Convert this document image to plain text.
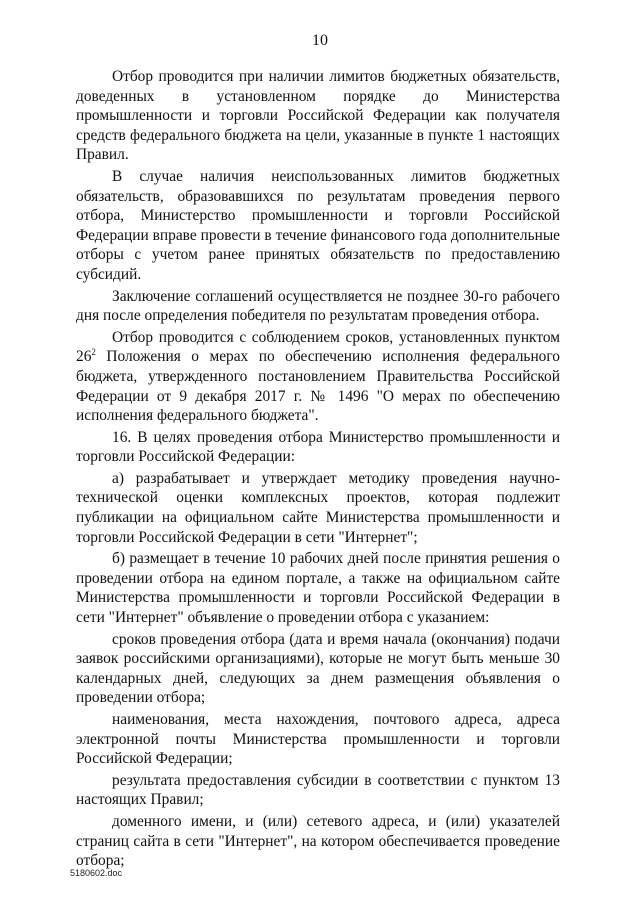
10

Отбор проводится при наличии лимитов бюджетных обязательств, доведенных в установленном порядке до Министерства промышленности и торговли Российской Федерации как получателя средств федерального бюджета на цели, указанные в пункте 1 настоящих Правил.

В случае наличия неиспользованных лимитов бюджетных обязательств, образовавшихся по результатам проведения первого отбора, Министерство промышленности и торговли Российской Федерации вправе провести в течение финансового года дополнительные отборы с учетом ранее принятых обязательств по предоставлению субсидий.

Заключение соглашений осуществляется не позднее 30-го рабочего дня после определения победителя по результатам проведения отбора.

Отбор проводится с соблюдением сроков, установленных пунктом $26^2$ Положения о мерах по обеспечению исполнения федерального бюджета, утвержденного постановлением Правительства Российской Федерации от 9 декабря 2017 г. № 1496 "О мерах по обеспечению исполнения федерального бюджета".

16. В целях проведения отбора Министерство промышленности и торговли Российской Федерации:

а) разрабатывает и утверждает методику проведения научно-технической оценки комплексных проектов, которая подлежит публикации на официальном сайте Министерства промышленности и торговли Российской Федерации в сети "Интернет";

б) размещает в течение 10 рабочих дней после принятия решения о проведении отбора на едином портале, а также на официальном сайте Министерства промышленности и торговли Российской Федерации в сети "Интернет" объявление о проведении отбора с указанием:

сроков проведения отбора (дата и время начала (окончания) подачи заявок российскими организациями), которые не могут быть меньше 30 календарных дней, следующих за днем размещения объявления о проведении отбора;

наименования, места нахождения, почтового адреса, адреса электронной почты Министерства промышленности и торговли Российской Федерации;

результата предоставления субсидии в соответствии с пунктом 13 настоящих Правил;

доменного имени, и (или) сетевого адреса, и (или) указателей страниц сайта в сети "Интернет", на котором обеспечивается проведение отбора;

5180602.doc
